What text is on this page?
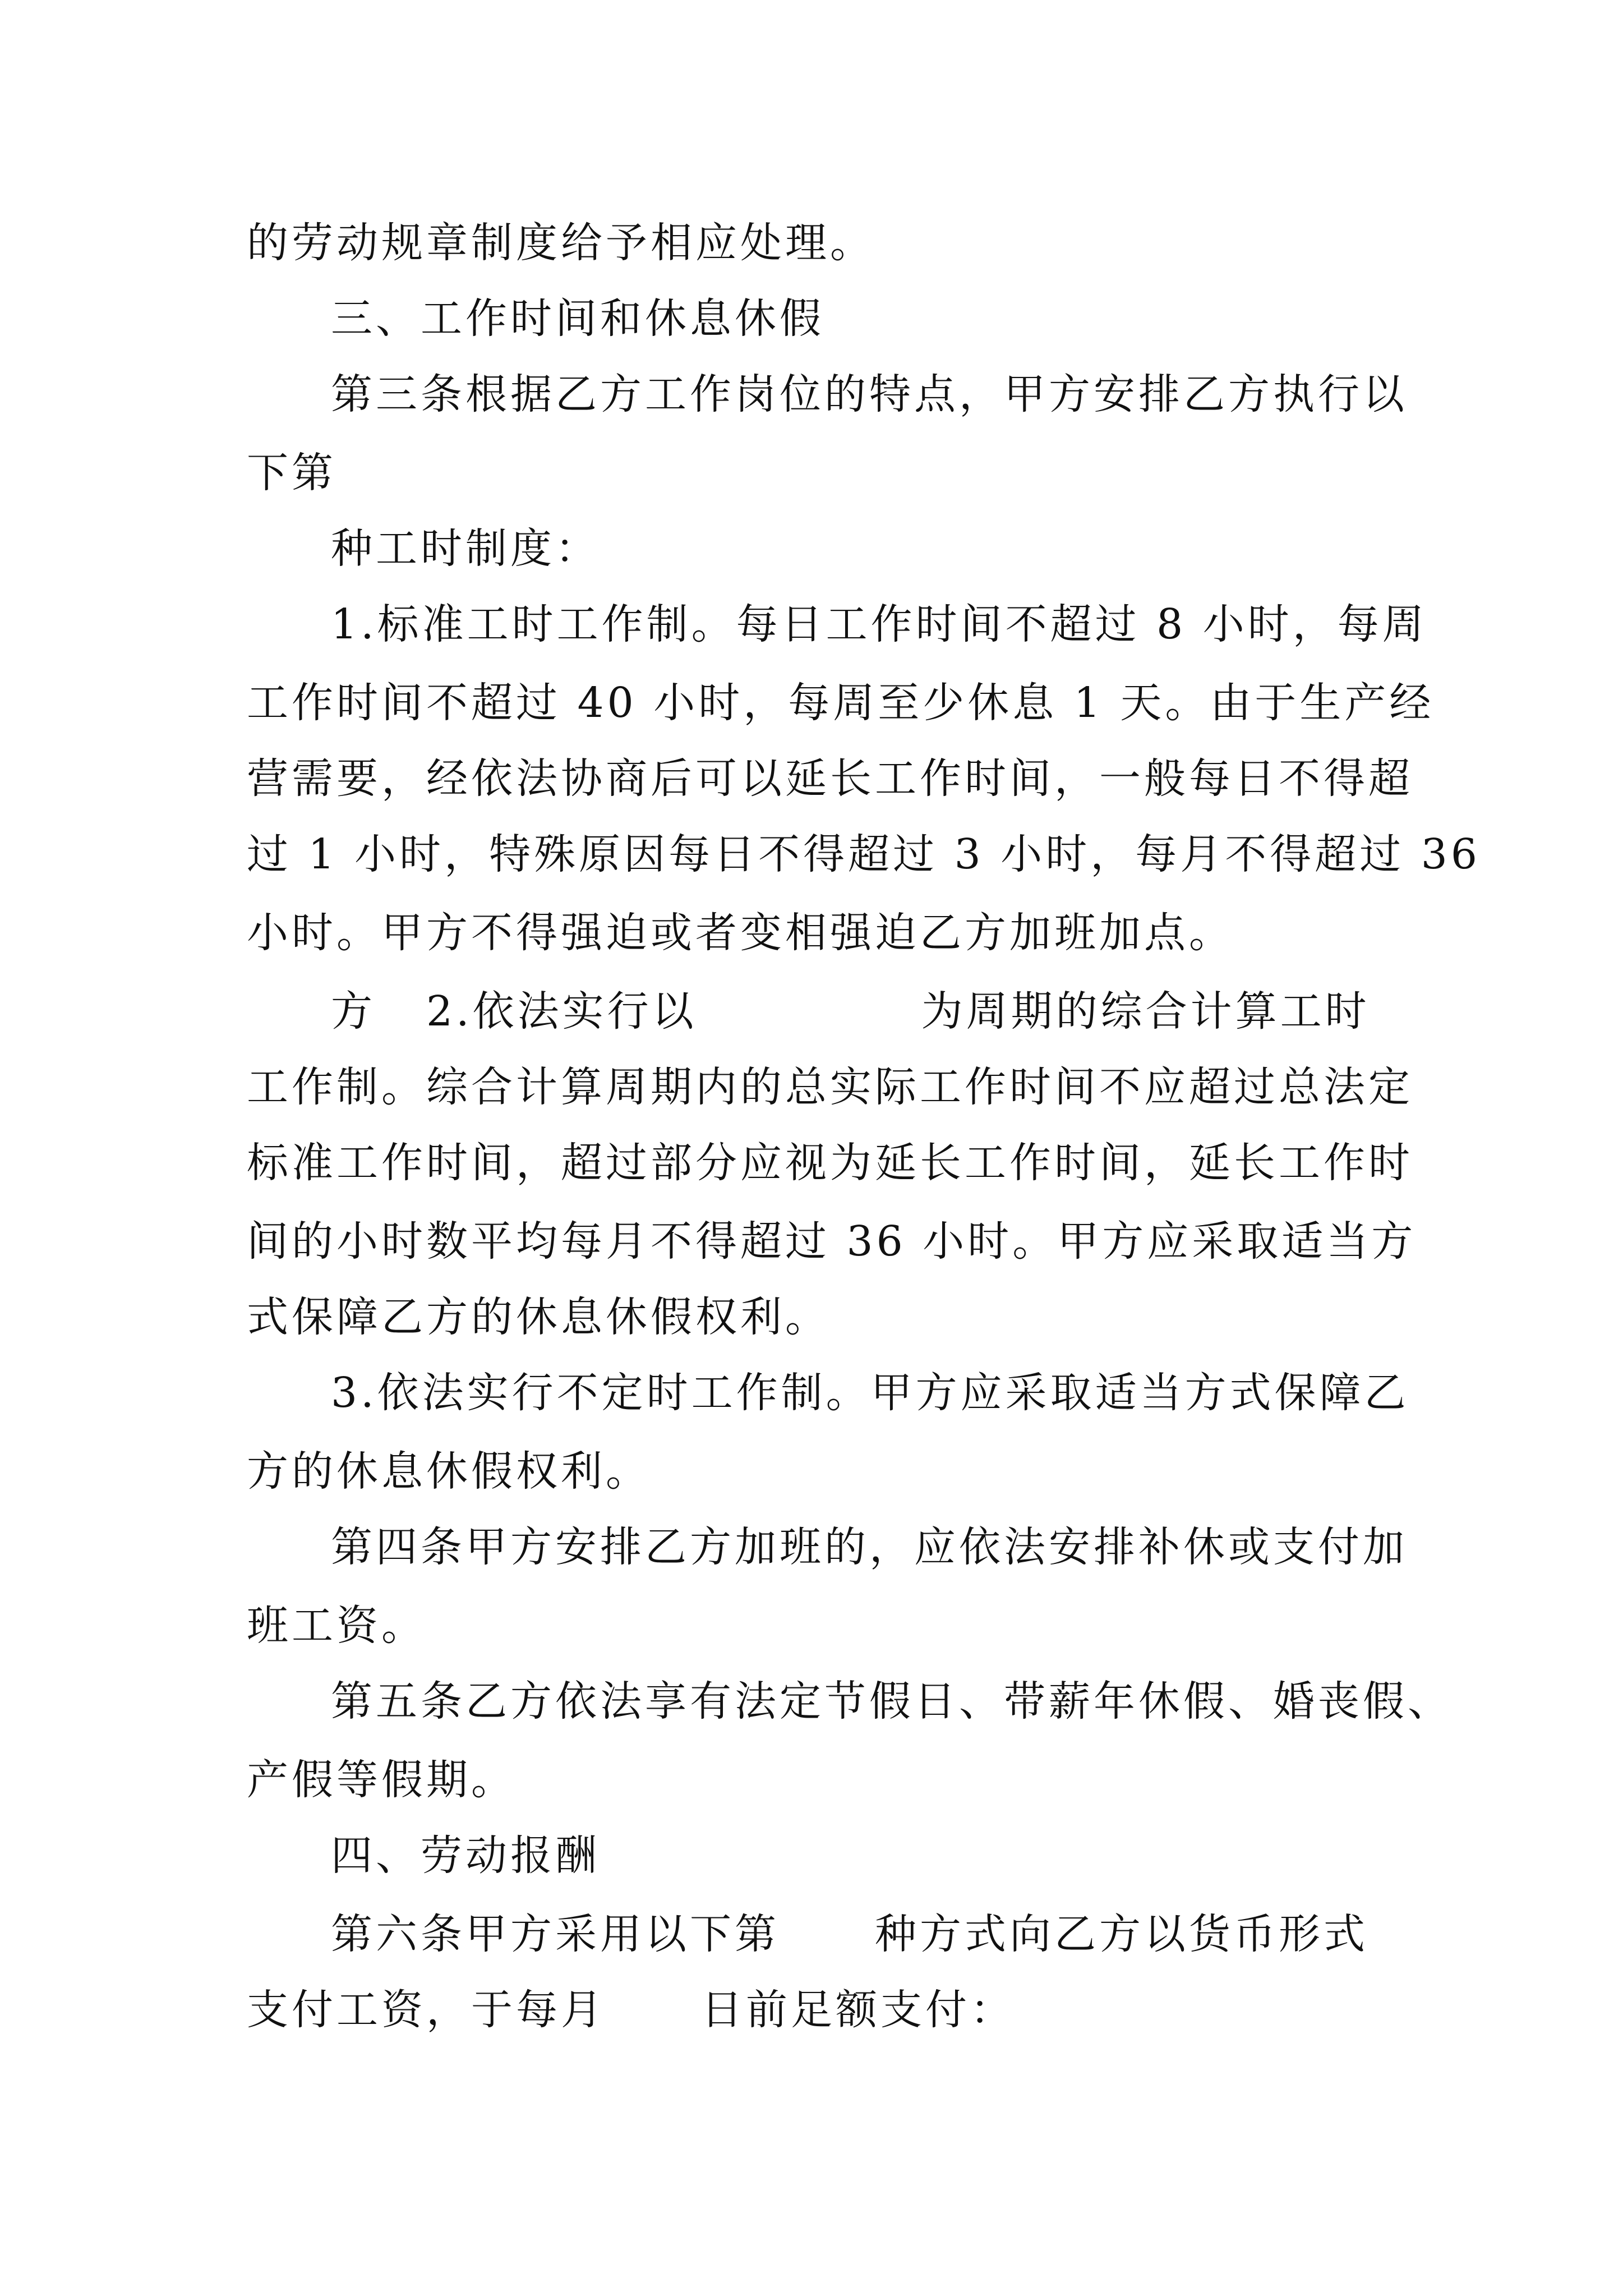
的劳动规章制度给予相应处理。
三、工作时间和休息休假
第三条根据乙方工作岗位的特点，甲方安排乙方执行以
下第
种工时制度：
1.标准工时工作制。每日工作时间不超过 8 小时，每周
工作时间不超过 40 小时，每周至少休息 1 天。由于生产经
营需要，经依法协商后可以延长工作时间，一般每日不得超
过 1 小时，特殊原因每日不得超过 3 小时，每月不得超过 36
小时。甲方不得强迫或者变相强迫乙方加班加点。
方 2.依法实行以	为周期的综合计算工时
工作制。综合计算周期内的总实际工作时间不应超过总法定
标准工作时间，超过部分应视为延长工作时间，延长工作时
间的小时数平均每月不得超过 36 小时。甲方应采取适当方
式保障乙方的休息休假权利。
3.依法实行不定时工作制。甲方应采取适当方式保障乙
方的休息休假权利。
第四条甲方安排乙方加班的，应依法安排补休或支付加
班工资。
第五条乙方依法享有法定节假日、带薪年休假、婚丧假、
产假等假期。
四、劳动报酬
第六条甲方采用以下第 种方式向乙方以货币形式
支付工资，于每月 日前足额支付：
